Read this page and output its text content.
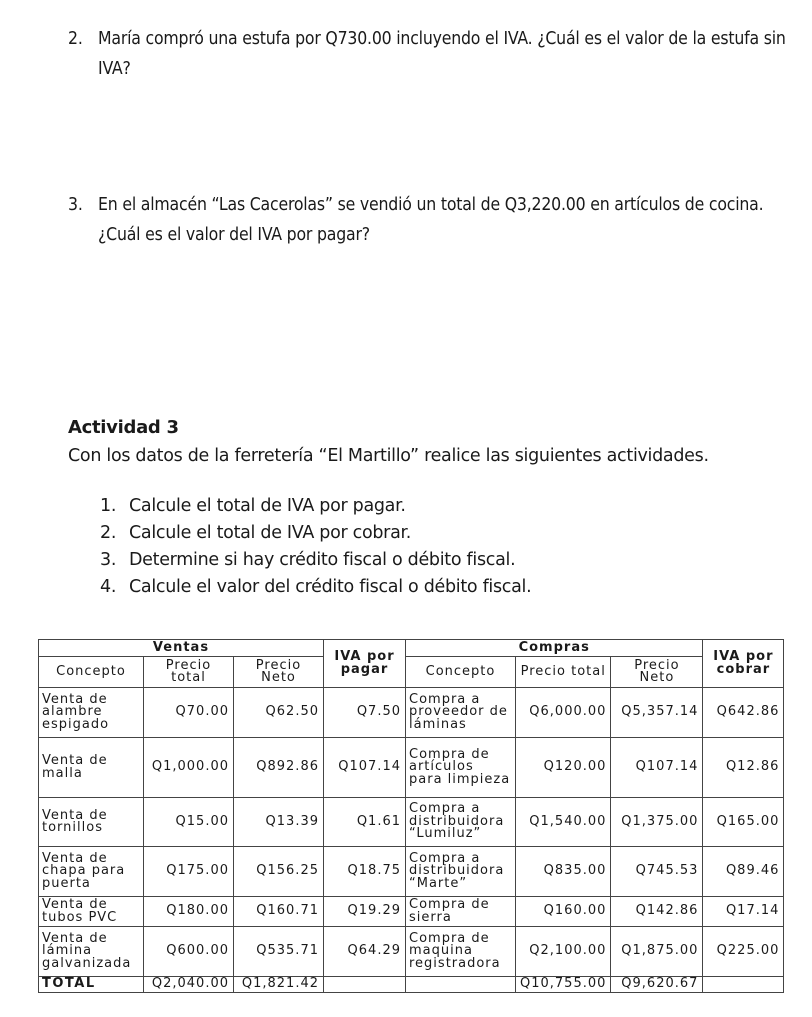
2. María compró una estufa por Q730.00 incluyendo el IVA. ¿Cuál es el valor de la estufa sin IVA?
3. En el almacén “Las Cacerolas” se vendió un total de Q3,220.00 en artículos de cocina. ¿Cuál es el valor del IVA por pagar?
Actividad 3
Con los datos de la ferretería “El Martillo” realice las siguientes actividades.
1. Calcule el total de IVA por pagar.
2. Calcule el total de IVA por cobrar.
3. Determine si hay crédito fiscal o débito fiscal.
4. Calcule el valor del crédito fiscal o débito fiscal.
Ventas			IVA por pagar	Compras			IVA por cobrar
Concepto	Precio total	Precio Neto		Concepto	Precio total	Precio Neto	
Venta de alambre espigado	Q70.00	Q62.50	Q7.50	Compra a proveedor de láminas	Q6,000.00	Q5,357.14	Q642.86
Venta de malla	Q1,000.00	Q892.86	Q107.14	Compra de artículos para limpieza	Q120.00	Q107.14	Q12.86
Venta de tornillos	Q15.00	Q13.39	Q1.61	Compra a distribuidora “Lumiluz”	Q1,540.00	Q1,375.00	Q165.00
Venta de chapa para puerta	Q175.00	Q156.25	Q18.75	Compra a distribuidora “Marte”	Q835.00	Q745.53	Q89.46
Venta de tubos PVC	Q180.00	Q160.71	Q19.29	Compra de sierra	Q160.00	Q142.86	Q17.14
Venta de lámina galvanizada	Q600.00	Q535.71	Q64.29	Compra de maquina registradora	Q2,100.00	Q1,875.00	Q225.00
TOTAL	Q2,040.00	Q1,821.42			Q10,755.00	Q9,620.67	
